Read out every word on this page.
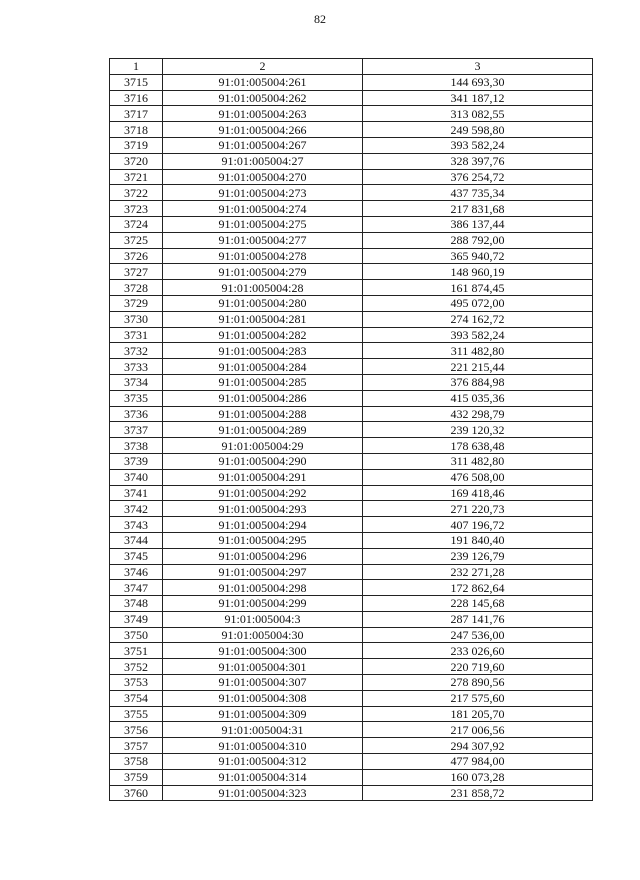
82
1	2	3
3715	91:01:005004:261	144 693,30
3716	91:01:005004:262	341 187,12
3717	91:01:005004:263	313 082,55
3718	91:01:005004:266	249 598,80
3719	91:01:005004:267	393 582,24
3720	91:01:005004:27	328 397,76
3721	91:01:005004:270	376 254,72
3722	91:01:005004:273	437 735,34
3723	91:01:005004:274	217 831,68
3724	91:01:005004:275	386 137,44
3725	91:01:005004:277	288 792,00
3726	91:01:005004:278	365 940,72
3727	91:01:005004:279	148 960,19
3728	91:01:005004:28	161 874,45
3729	91:01:005004:280	495 072,00
3730	91:01:005004:281	274 162,72
3731	91:01:005004:282	393 582,24
3732	91:01:005004:283	311 482,80
3733	91:01:005004:284	221 215,44
3734	91:01:005004:285	376 884,98
3735	91:01:005004:286	415 035,36
3736	91:01:005004:288	432 298,79
3737	91:01:005004:289	239 120,32
3738	91:01:005004:29	178 638,48
3739	91:01:005004:290	311 482,80
3740	91:01:005004:291	476 508,00
3741	91:01:005004:292	169 418,46
3742	91:01:005004:293	271 220,73
3743	91:01:005004:294	407 196,72
3744	91:01:005004:295	191 840,40
3745	91:01:005004:296	239 126,79
3746	91:01:005004:297	232 271,28
3747	91:01:005004:298	172 862,64
3748	91:01:005004:299	228 145,68
3749	91:01:005004:3	287 141,76
3750	91:01:005004:30	247 536,00
3751	91:01:005004:300	233 026,60
3752	91:01:005004:301	220 719,60
3753	91:01:005004:307	278 890,56
3754	91:01:005004:308	217 575,60
3755	91:01:005004:309	181 205,70
3756	91:01:005004:31	217 006,56
3757	91:01:005004:310	294 307,92
3758	91:01:005004:312	477 984,00
3759	91:01:005004:314	160 073,28
3760	91:01:005004:323	231 858,72
